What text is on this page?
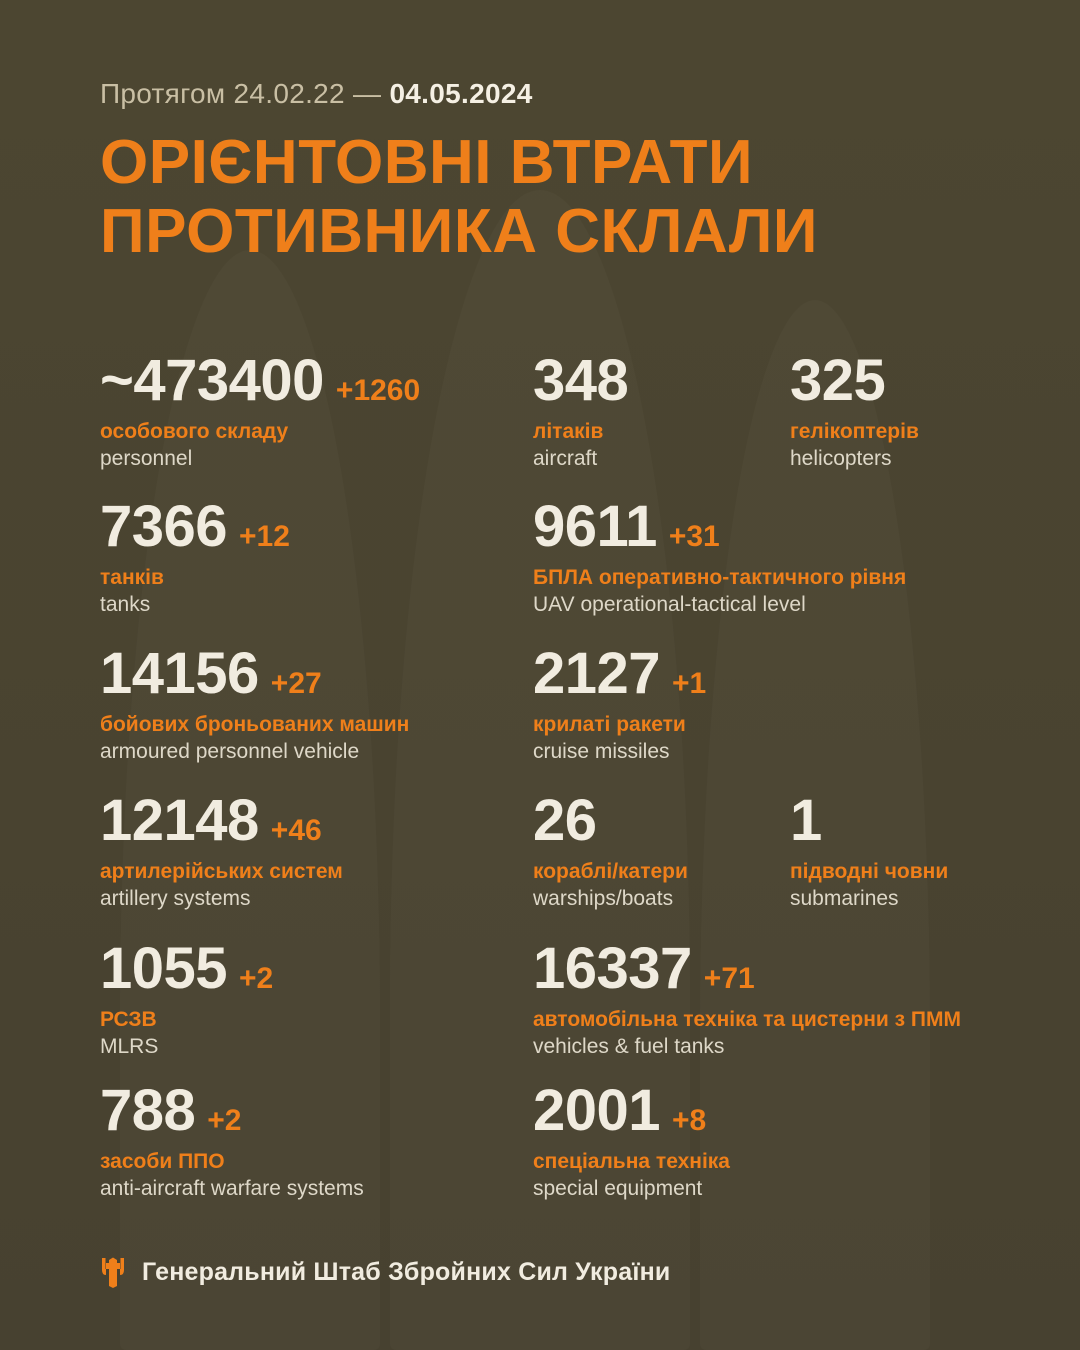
Протягом 24.02.22 — 04.05.2024
ОРІЄНТОВНІ ВТРАТИ
ПРОТИВНИКА СКЛАЛИ
~473400 +1260
особового складу
personnel
348
літаків
aircraft
325
гелікоптерів
helicopters
7366 +12
танків
tanks
9611 +31
БПЛА оперативно-тактичного рівня
UAV operational-tactical level
14156 +27
бойових броньованих машин
armoured personnel vehicle
2127 +1
крилаті ракети
cruise missiles
12148 +46
артилерійських систем
artillery systems
26
кораблі/катери
warships/boats
1
підводні човни
submarines
1055 +2
РСЗВ
MLRS
16337 +71
автомобільна техніка та цистерни з ПММ
vehicles & fuel tanks
788 +2
засоби ППО
anti-aircraft warfare systems
2001 +8
спеціальна техніка
special equipment
Генеральний Штаб Збройних Сил України
